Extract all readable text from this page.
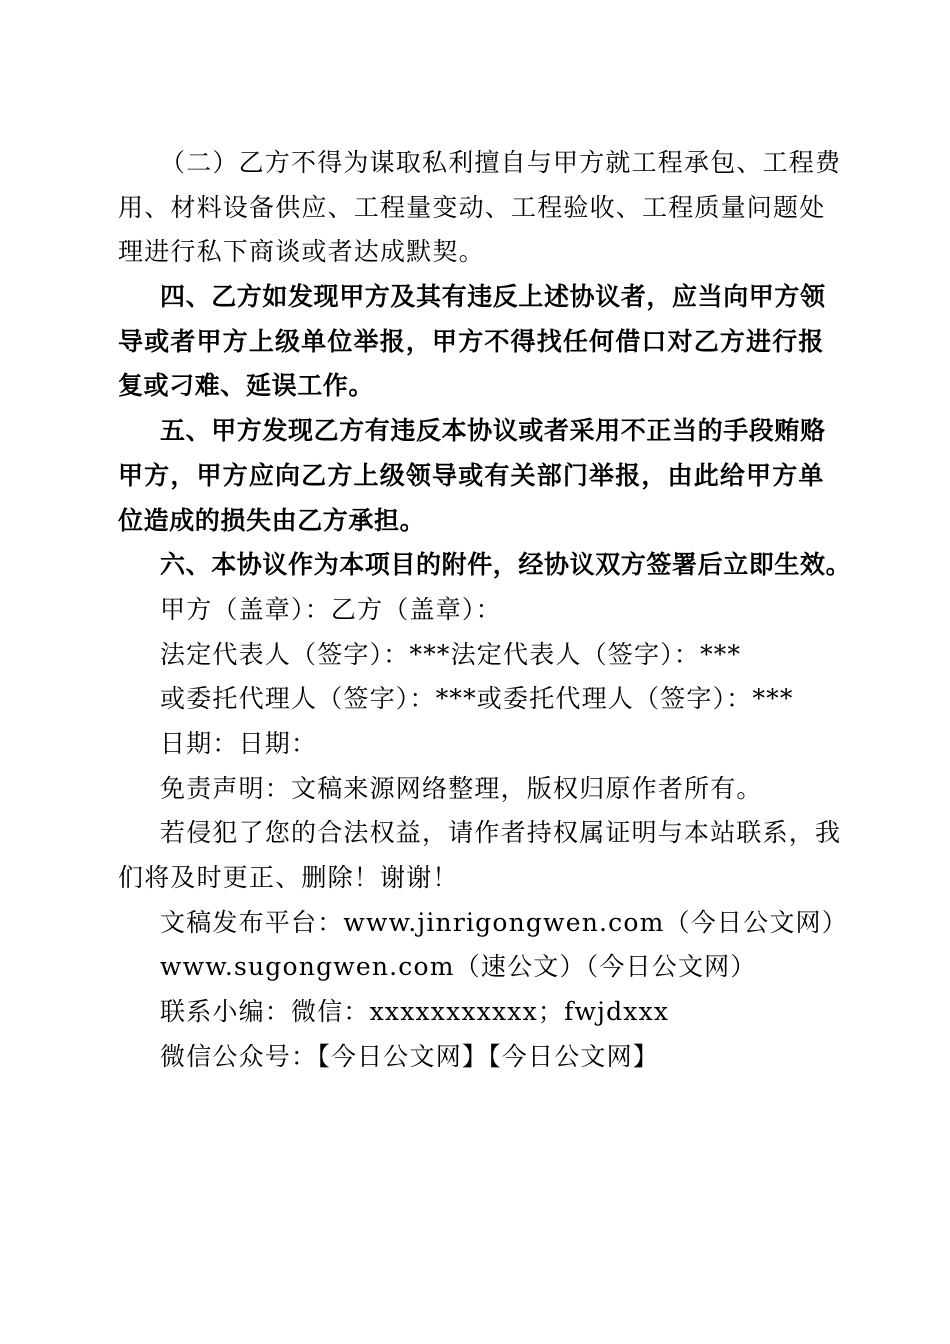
（二）乙方不得为谋取私利擅自与甲方就工程承包、工程费
用、材料设备供应、工程量变动、工程验收、工程质量问题处
理进行私下商谈或者达成默契。
四、乙方如发现甲方及其有违反上述协议者，应当向甲方领
导或者甲方上级单位举报，甲方不得找任何借口对乙方进行报
复或刁难、延误工作。
五、甲方发现乙方有违反本协议或者采用不正当的手段贿赂
甲方，甲方应向乙方上级领导或有关部门举报，由此给甲方单
位造成的损失由乙方承担。
六、本协议作为本项目的附件，经协议双方签署后立即生效。
甲方（盖章）：乙方（盖章）：
法定代表人（签字）：***法定代表人（签字）：***
或委托代理人（签字）：***或委托代理人（签字）：***
日期：日期：
免责声明：文稿来源网络整理，版权归原作者所有。
若侵犯了您的合法权益，请作者持权属证明与本站联系，我
们将及时更正、删除！谢谢！
文稿发布平台：www.jinrigongwen.com（今日公文网）
www.sugongwen.com（速公文）（今日公文网）
联系小编：微信：xxxxxxxxxxx；fwjdxxx
微信公众号：【今日公文网】【今日公文网】
